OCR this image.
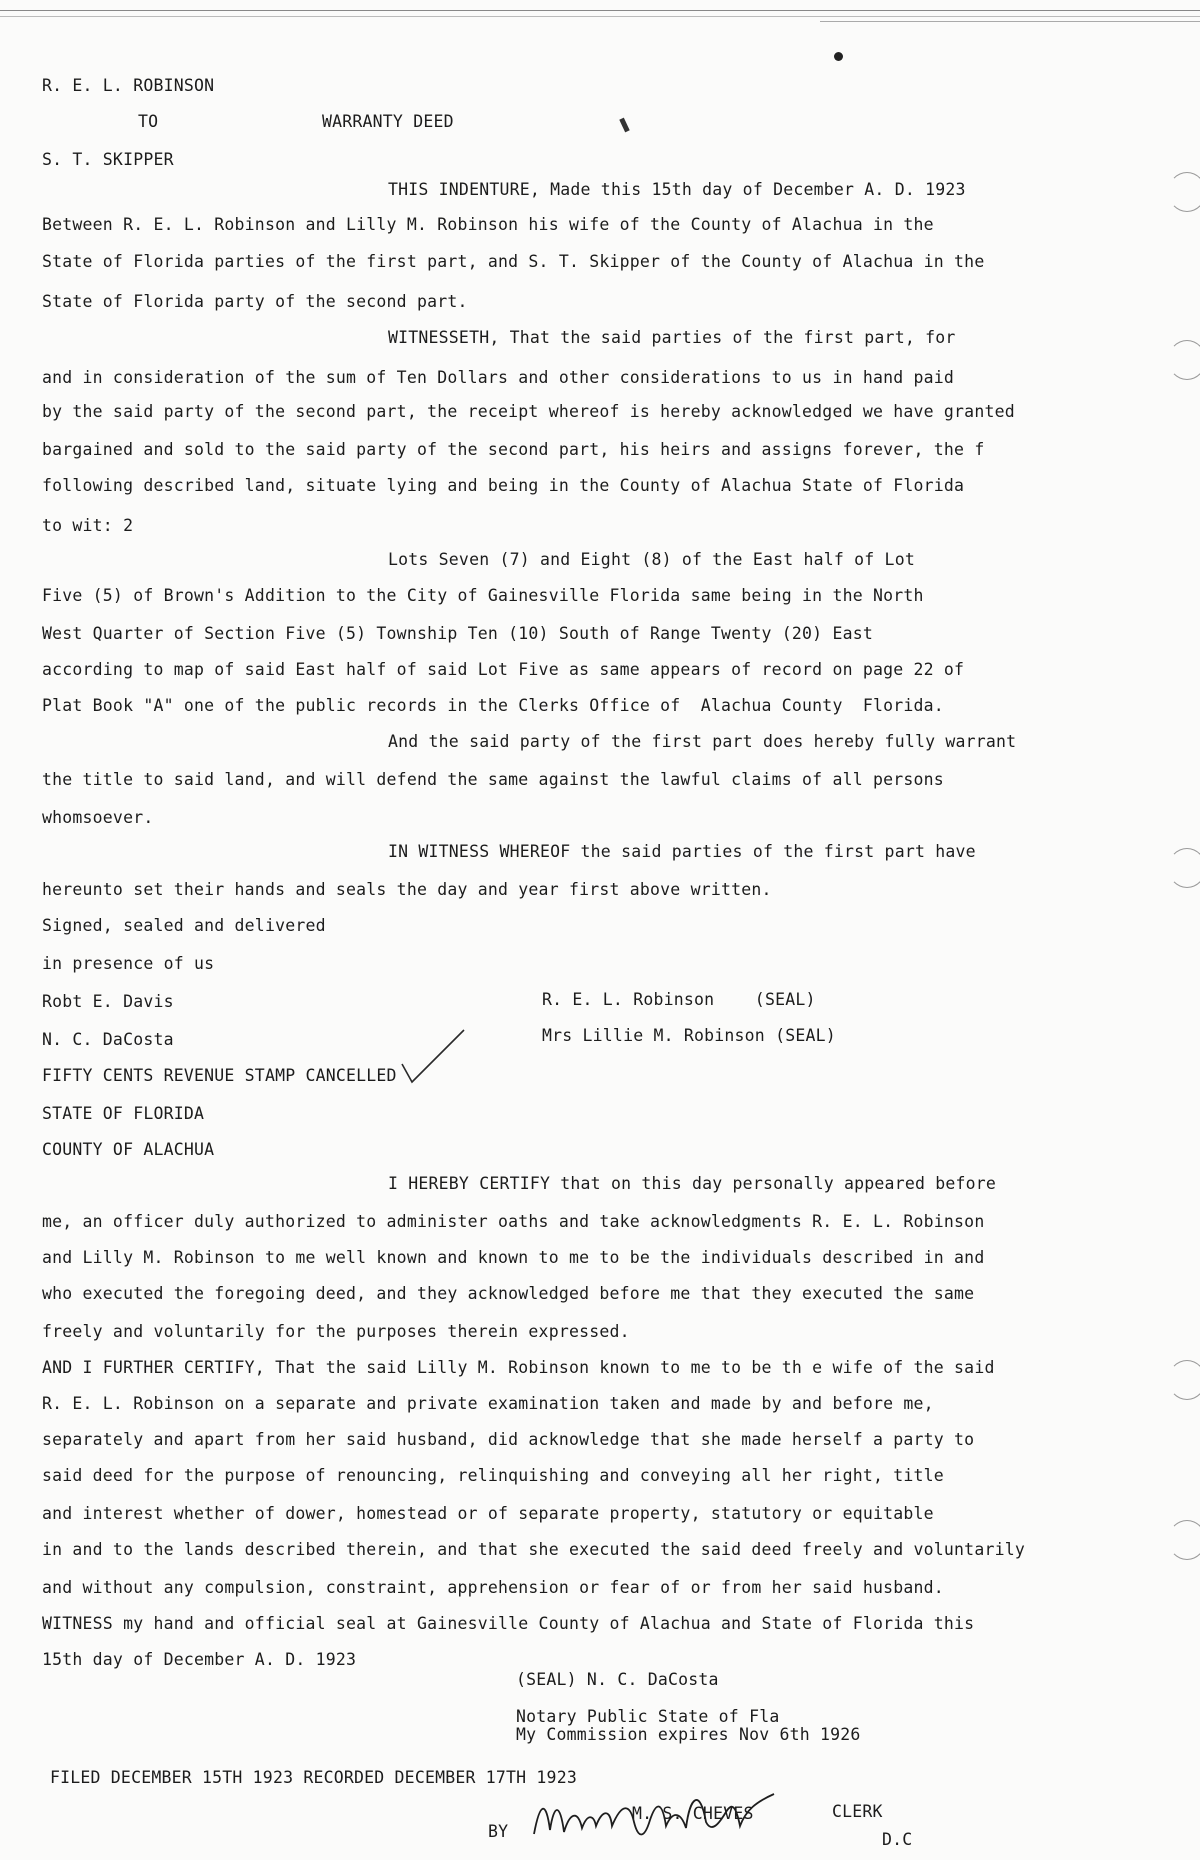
R. E. L. ROBINSON
TO	WARRANTY DEED
S. T. SKIPPER
THIS INDENTURE, Made this 15th day of December A. D. 1923
Between R. E. L. Robinson and Lilly M. Robinson his wife of the County of Alachua in the
State of Florida parties of the first part, and S. T. Skipper of the County of Alachua in the
State of Florida party of the second part.
WITNESSETH, That the said parties of the first part, for
and in consideration of the sum of Ten Dollars and other considerations to us in hand paid
by the said party of the second part, the receipt whereof is hereby acknowledged we have granted
bargained and sold to the said party of the second part, his heirs and assigns forever, the f
following described land, situate lying and being in the County of Alachua State of Florida
to wit: 2
Lots Seven (7) and Eight (8) of the East half of Lot
Five (5) of Brown's Addition to the City of Gainesville Florida same being in the North
West Quarter of Section Five (5) Township Ten (10) South of Range Twenty (20) East
according to map of said East half of said Lot Five as same appears of record on page 22 of
Plat Book "A" one of the public records in the Clerks Office of  Alachua County  Florida.
And the said party of the first part does hereby fully warrant
the title to said land, and will defend the same against the lawful claims of all persons
whomsoever.
IN WITNESS WHEREOF the said parties of the first part have
hereunto set their hands and seals the day and year first above written.
Signed, sealed and delivered
in presence of us
Robt E. Davis	R. E. L. Robinson    (SEAL)
N. C. DaCosta	Mrs Lillie M. Robinson (SEAL)
FIFTY CENTS REVENUE STAMP CANCELLED
STATE OF FLORIDA
COUNTY OF ALACHUA
I HEREBY CERTIFY that on this day personally appeared before
me, an officer duly authorized to administer oaths and take acknowledgments R. E. L. Robinson
and Lilly M. Robinson to me well known and known to me to be the individuals described in and
who executed the foregoing deed, and they acknowledged before me that they executed the same
freely and voluntarily for the purposes therein expressed.
AND I FURTHER CERTIFY, That the said Lilly M. Robinson known to me to be th e wife of the said
R. E. L. Robinson on a separate and private examination taken and made by and before me,
separately and apart from her said husband, did acknowledge that she made herself a party to
said deed for the purpose of renouncing, relinquishing and conveying all her right, title
and interest whether of dower, homestead or of separate property, statutory or equitable
in and to the lands described therein, and that she executed the said deed freely and voluntarily
and without any compulsion, constraint, apprehension or fear of or from her said husband.
WITNESS my hand and official seal at Gainesville County of Alachua and State of Florida this
15th day of December A. D. 1923
(SEAL) N. C. DaCosta
Notary Public State of Fla
My Commission expires Nov 6th 1926
FILED DECEMBER 15TH 1923 RECORDED DECEMBER 17TH 1923
BY
M. S. CHEVES	CLERK
D.C
